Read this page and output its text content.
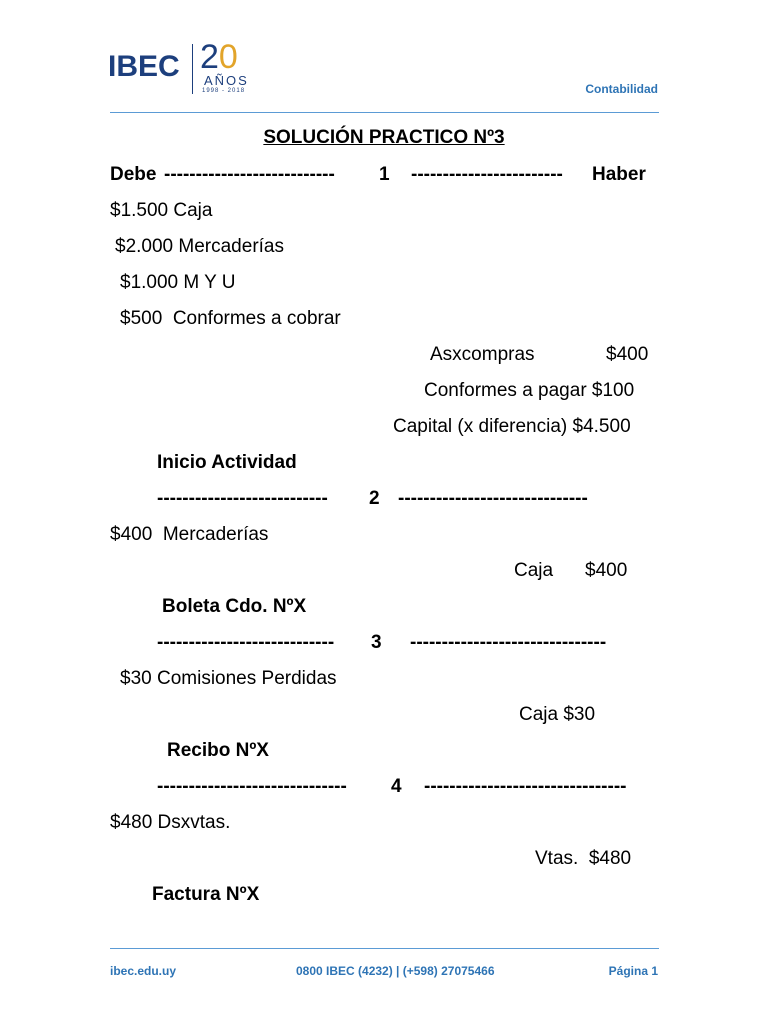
IBEC 20
AÑOS
1998 - 2018	Contabilidad
SOLUCIÓN PRACTICO Nº3
Debe --------------------------- 1 ------------------------ Haber
$1.500 Caja
$2.000 Mercaderías
$1.000 M Y U
$500  Conformes a cobrar
Asxcompras	$400
Conformes a pagar $100
Capital (x diferencia) $4.500
Inicio Actividad
--------------------------- 2 ------------------------------
$400  Mercaderías
Caja $400
Boleta Cdo. NºX
---------------------------- 3 -------------------------------
$30 Comisiones Perdidas
Caja $30
Recibo NºX
------------------------------ 4 --------------------------------
$480 Dsxvtas.
Vtas.  $480
Factura NºX
ibec.edu.uy	0800 IBEC (4232) | (+598) 27075466	Página 1
